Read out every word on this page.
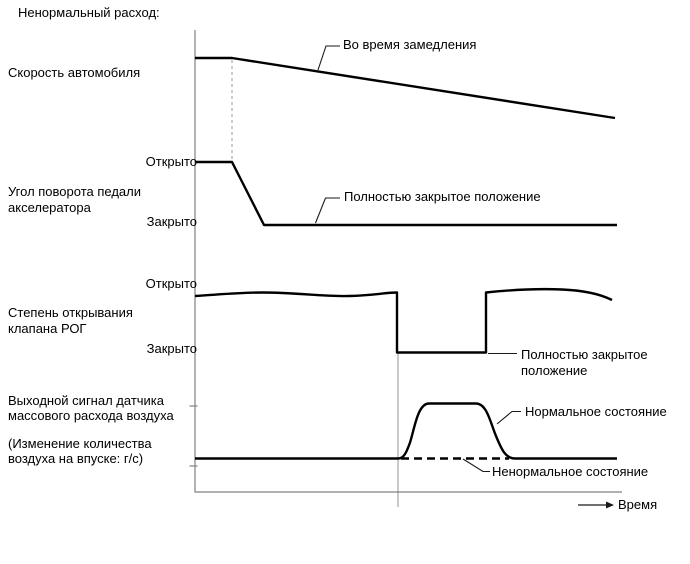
Ненормальный расход:
Скорость автомобиля
Угол поворота педали
акселератора
Степень открывания
клапана РОГ
Выходной сигнал датчика
массового расхода воздуха
(Изменение количества
воздуха на впуске: г/с)
Открыто
Закрыто
Открыто
Закрыто
Во время замедления
Полностью закрытое положение
Полностью закрытое
положение
Нормальное состояние
Ненормальное состояние
Время
